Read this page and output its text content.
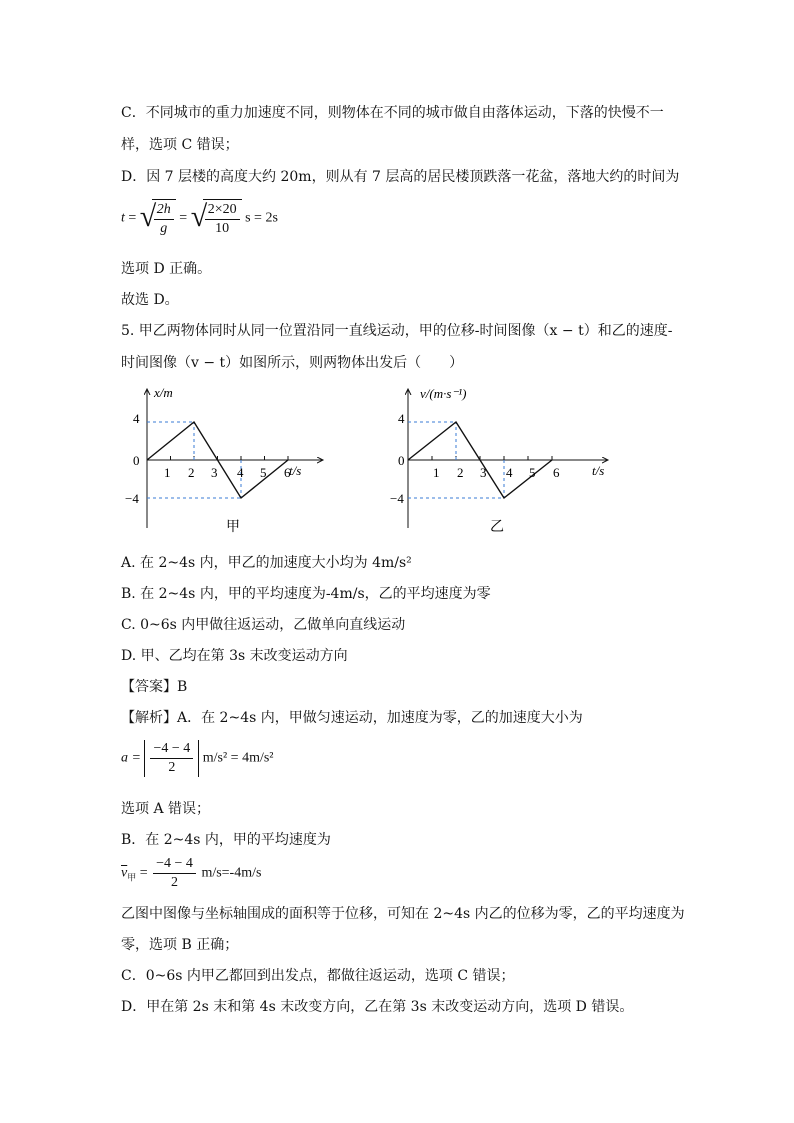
C．不同城市的重力加速度不同，则物体在不同的城市做自由落体运动，下落的快慢不一
样，选项 C 错误；
D．因 7 层楼的高度大约 20m，则从有 7 层高的居民楼顶跌落一花盆，落地大约的时间为
t = √
$\frac{2h}{g}$ = √
$\frac{2\times 20}{10}$ s = 2s
选项 D 正确。
故选 D。
5. 甲乙两物体同时从同一位置沿同一直线运动，甲的位移-时间图像（x − t）和乙的速度-
时间图像（v − t）如图所示，则两物体出发后（　　）
x/m
t/s
4
0
−4
1 2 3 4 5 6
甲
v/(m·s⁻¹)
t/s
4
0
−4
1 2 3 4 5 6
乙
A. 在 2~4s 内，甲乙的加速度大小均为 4m/s²
B. 在 2~4s 内，甲的平均速度为-4m/s，乙的平均速度为零
C. 0~6s 内甲做往返运动，乙做单向直线运动
D. 甲、乙均在第 3s 末改变运动方向
【答案】B
【解析】A．在 2~4s 内，甲做匀速运动，加速度为零，乙的加速度大小为
$a = \frac{-4 - 4}{2} m/s^2 = 4m/s^2$
选项 A 错误；
B．在 2~4s 内，甲的平均速度为
$\overline{v}_甲 = \frac{-4 - 4}{2} m/s=-4m/s$
乙图中图像与坐标轴围成的面积等于位移，可知在 2~4s 内乙的位移为零，乙的平均速度为
零，选项 B 正确；
C．0~6s 内甲乙都回到出发点，都做往返运动，选项 C 错误；
D．甲在第 2s 末和第 4s 末改变方向，乙在第 3s 末改变运动方向，选项 D 错误。
